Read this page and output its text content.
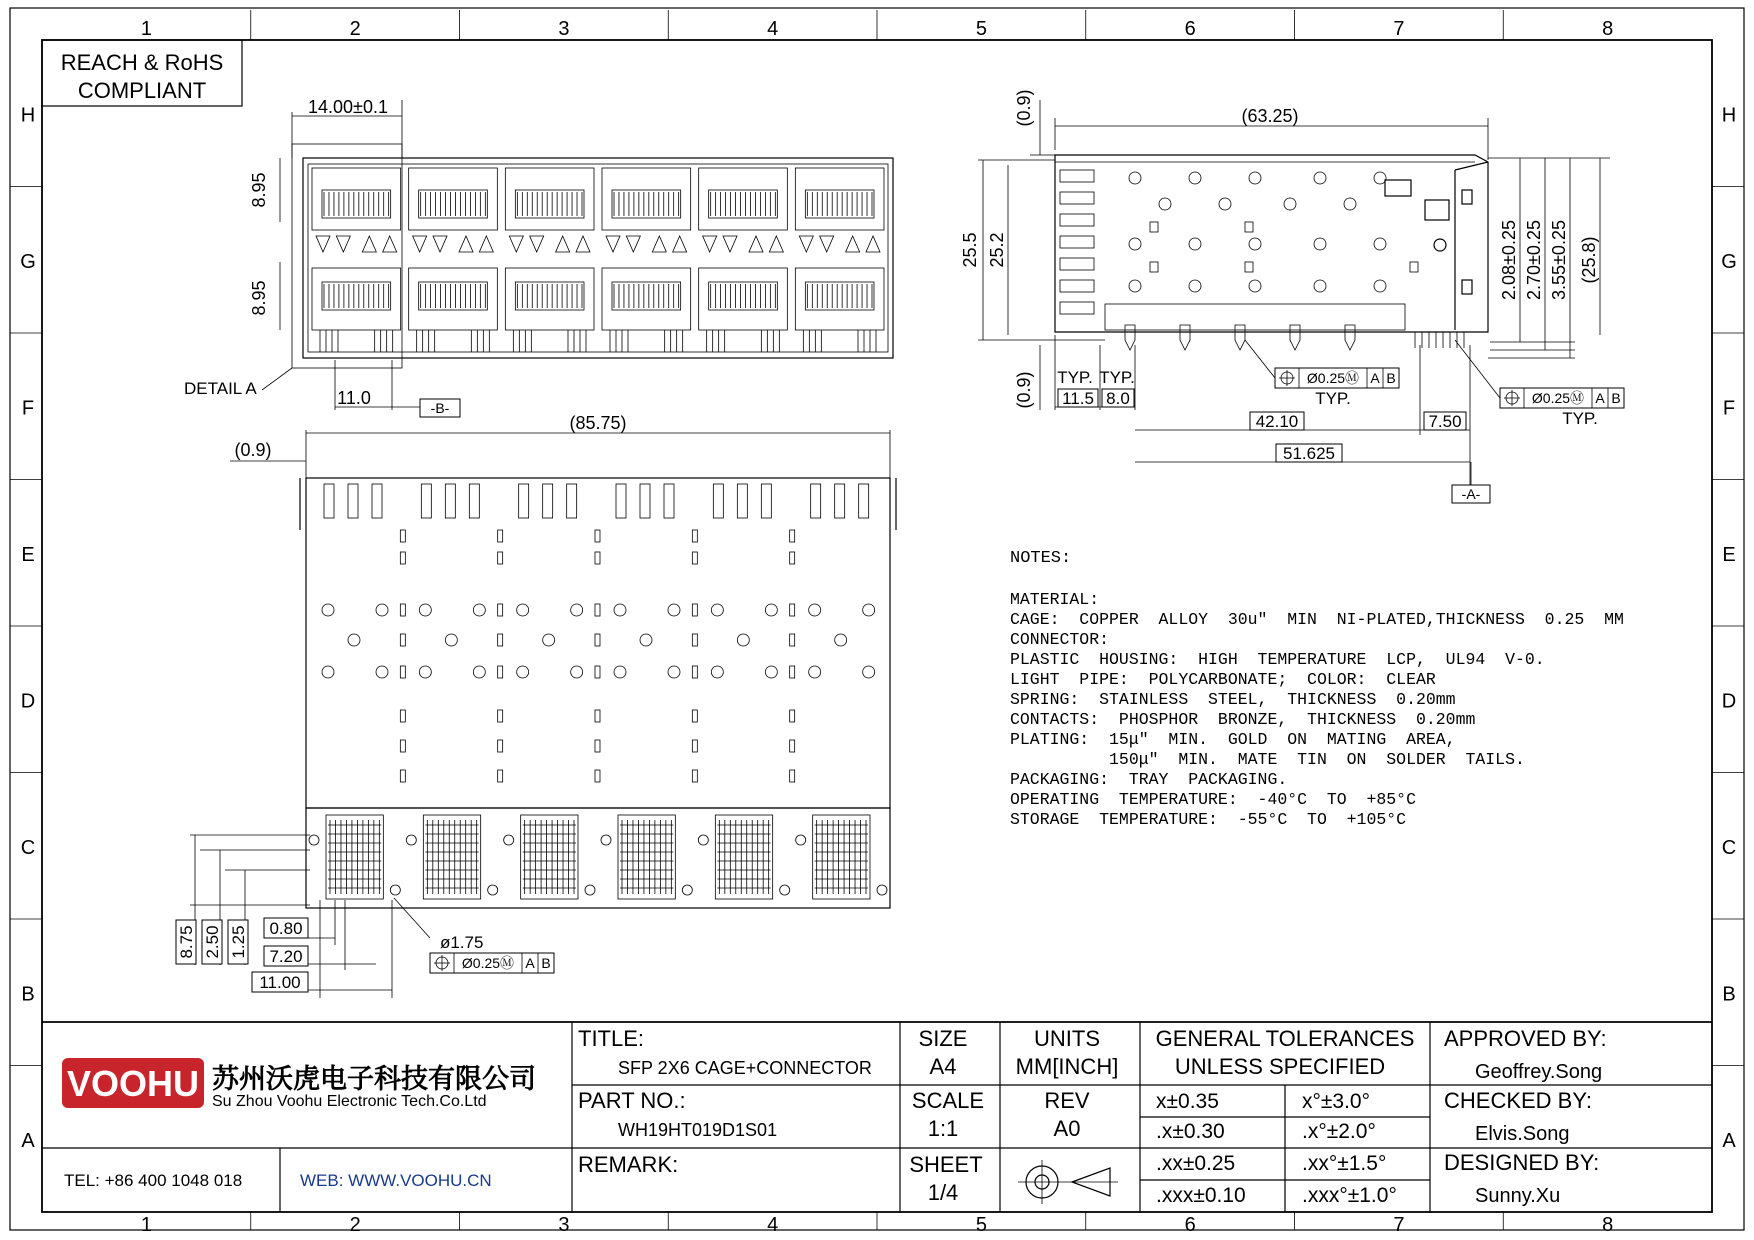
1
1
2
2
3
3
4
4
5
5
6
6
7
7
8
8
H	H
G	G
F	F
E	E
D	D
C	C
B	B
A	A
REACH & RoHS
COMPLIANT
14.00±0.1
8.95
8.95
DETAIL A	11.0	-B-
(85.75)
(0.9)
8.75 2.50 1.25 0.80
7.20
11.00
ø1.75
Ø0.25Ⓜ A B
(63.25)
(0.9)
25.5 25.2
(0.9)
2.08±0.25 2.70±0.25 3.55±0.25 (25.8)
TYP.
11.5
TYP.
8.0
42.10	7.50
51.625
-A-
Ø0.25Ⓜ A B
TYP.	Ø0.25Ⓜ A B
TYP.
NOTES:
MATERIAL:
CAGE:  COPPER  ALLOY  30u"  MIN  NI-PLATED,THICKNESS  0.25  MM
CONNECTOR:
PLASTIC  HOUSING:  HIGH  TEMPERATURE  LCP,  UL94  V-0.
LIGHT  PIPE:  POLYCARBONATE;  COLOR:  CLEAR
SPRING:  STAINLESS  STEEL,  THICKNESS  0.20mm
CONTACTS:  PHOSPHOR  BRONZE,  THICKNESS  0.20mm
PLATING:  15μ"  MIN.  GOLD  ON  MATING  AREA,
150μ"  MIN.  MATE  TIN  ON  SOLDER  TAILS.
PACKAGING:  TRAY  PACKAGING.
OPERATING  TEMPERATURE:  -40°C  TO  +85°C
STORAGE  TEMPERATURE:  -55°C  TO  +105°C
VOOHU 苏州沃虎电子科技有限公司
Su Zhou Voohu Electronic Tech.Co.Ltd
TEL: +86 400 1048 018	WEB: WWW.VOOHU.CN
TITLE:
SFP 2X6 CAGE+CONNECTOR
PART NO.:
WH19HT019D1S01
REMARK:
SIZE
A4
UNITS
MM[INCH]
SCALE
1:1
REV
A0
SHEET
1/4
GENERAL TOLERANCES
UNLESS SPECIFIED
x±0.35	x°±3.0°
.x±0.30	.x°±2.0°
.xx±0.25	.xx°±1.5°
.xxx±0.10	.xxx°±1.0°
APPROVED BY:
Geoffrey.Song
CHECKED BY:
Elvis.Song
DESIGNED BY:
Sunny.Xu
